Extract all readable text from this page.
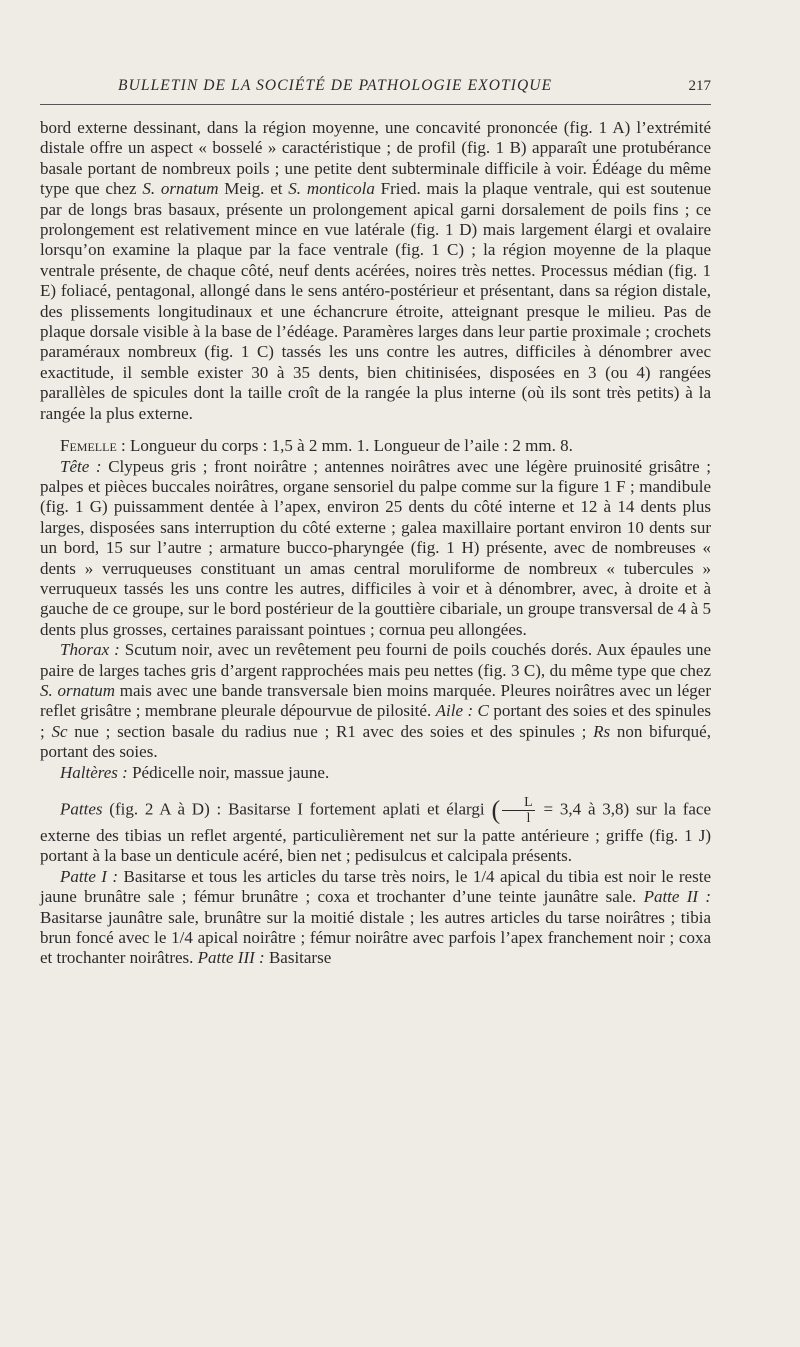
BULLETIN DE LA SOCIÉTÉ DE PATHOLOGIE EXOTIQUE	217

bord externe dessinant, dans la région moyenne, une concavité prononcée (fig. 1 A) l’extrémité distale offre un aspect « bosselé » caractéristique ; de profil (fig. 1 B) apparaît une protubérance basale portant de nombreux poils ; une petite dent subterminale difficile à voir. Édéage du même type que chez S. ornatum Meig. et S. monticola Fried. mais la plaque ventrale, qui est soutenue par de longs bras basaux, présente un prolongement apical garni dorsalement de poils fins ; ce prolongement est relativement mince en vue latérale (fig. 1 D) mais largement élargi et ovalaire lorsqu’on examine la plaque par la face ventrale (fig. 1 C) ; la région moyenne de la plaque ventrale présente, de chaque côté, neuf dents acérées, noires très nettes. Processus médian (fig. 1 E) foliacé, pentagonal, allongé dans le sens antéro-postérieur et présentant, dans sa région distale, des plissements longitudinaux et une échancrure étroite, atteignant presque le milieu. Pas de plaque dorsale visible à la base de l’édéage. Paramères larges dans leur partie proximale ; crochets paraméraux nombreux (fig. 1 C) tassés les uns contre les autres, difficiles à dénombrer avec exactitude, il semble exister 30 à 35 dents, bien chitinisées, disposées en 3 (ou 4) rangées parallèles de spicules dont la taille croît de la rangée la plus interne (où ils sont très petits) à la rangée la plus externe.

Femelle : Longueur du corps : 1,5 à 2 mm. 1. Longueur de l’aile : 2 mm. 8.

Tête : Clypeus gris ; front noirâtre ; antennes noirâtres avec une légère pruinosité grisâtre ; palpes et pièces buccales noirâtres, organe sensoriel du palpe comme sur la figure 1 F ; mandibule (fig. 1 G) puissamment dentée à l’apex, environ 25 dents du côté interne et 12 à 14 dents plus larges, disposées sans interruption du côté externe ; galea maxillaire portant environ 10 dents sur un bord, 15 sur l’autre ; armature bucco-pharyngée (fig. 1 H) présente, avec de nombreuses « dents » verruqueuses constituant un amas central moruliforme de nombreux « tubercules » verruqueux tassés les uns contre les autres, difficiles à voir et à dénombrer, avec, à droite et à gauche de ce groupe, sur le bord postérieur de la gouttière cibariale, un groupe transversal de 4 à 5 dents plus grosses, certaines paraissant pointues ; cornua peu allongées.

Thorax : Scutum noir, avec un revêtement peu fourni de poils couchés dorés. Aux épaules une paire de larges taches gris d’argent rapprochées mais peu nettes (fig. 3 C), du même type que chez S. ornatum mais avec une bande transversale bien moins marquée. Pleures noirâtres avec un léger reflet grisâtre ; membrane pleurale dépourvue de pilosité. Aile : C portant des soies et des spinules ; Sc nue ; section basale du radius nue ; R1 avec des soies et des spinules ; Rs non bifurqué, portant des soies.

Haltères : Pédicelle noir, massue jaune.

Pattes (fig. 2 A à D) : Basitarse I fortement aplati et élargi ( $\frac{L}{l} = 3,4$ à 3,8) sur la face externe des tibias un reflet argenté, particulièrement net sur la patte antérieure ; griffe (fig. 1 J) portant à la base un denticule acéré, bien net ; pedisulcus et calcipala présents.

Patte I : Basitarse et tous les articles du tarse très noirs, le 1/4 apical du tibia est noir le reste jaune brunâtre sale ; fémur brunâtre ; coxa et trochanter d’une teinte jaunâtre sale. Patte II : Basitarse jaunâtre sale, brunâtre sur la moitié distale ; les autres articles du tarse noirâtres ; tibia brun foncé avec le 1/4 apical noirâtre ; fémur noirâtre avec parfois l’apex franchement noir ; coxa et trochanter noirâtres. Patte III : Basitarse
